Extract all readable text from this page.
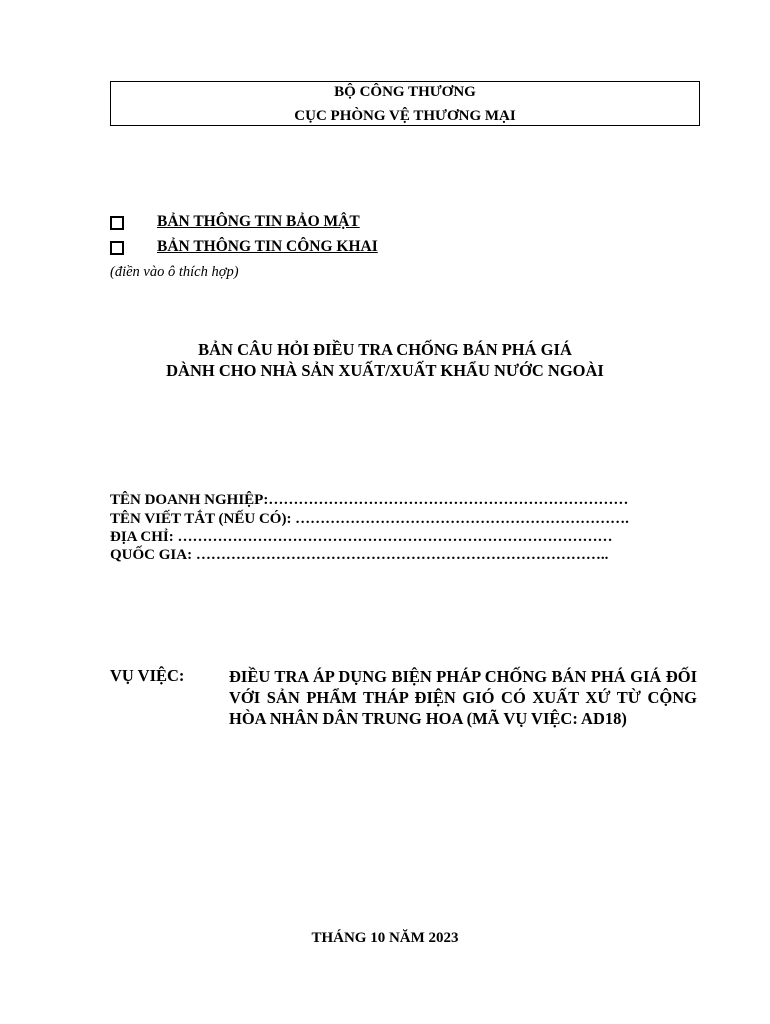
BỘ CÔNG THƯƠNG
CỤC PHÒNG VỆ THƯƠNG MẠI
BẢN THÔNG TIN BẢO MẬT
BẢN THÔNG TIN CÔNG KHAI
(điền vào ô thích hợp)
BẢN CÂU HỎI ĐIỀU TRA CHỐNG BÁN PHÁ GIÁ
DÀNH CHO NHÀ SẢN XUẤT/XUẤT KHẨU NƯỚC NGOÀI
TÊN DOANH NGHIỆP:………………………………………………………………
TÊN VIẾT TẮT (NẾU CÓ): ………………………………………………………….
ĐỊA CHỈ: ……………………………………………………………………………
QUỐC GIA: ………………………………………………………………………..
VỤ VIỆC:	ĐIỀU TRA ÁP DỤNG BIỆN PHÁP CHỐNG BÁN PHÁ GIÁ ĐỐI VỚI SẢN PHẨM THÁP ĐIỆN GIÓ CÓ XUẤT XỨ TỪ CỘNG HÒA NHÂN DÂN TRUNG HOA (MÃ VỤ VIỆC: AD18)
THÁNG 10 NĂM 2023
